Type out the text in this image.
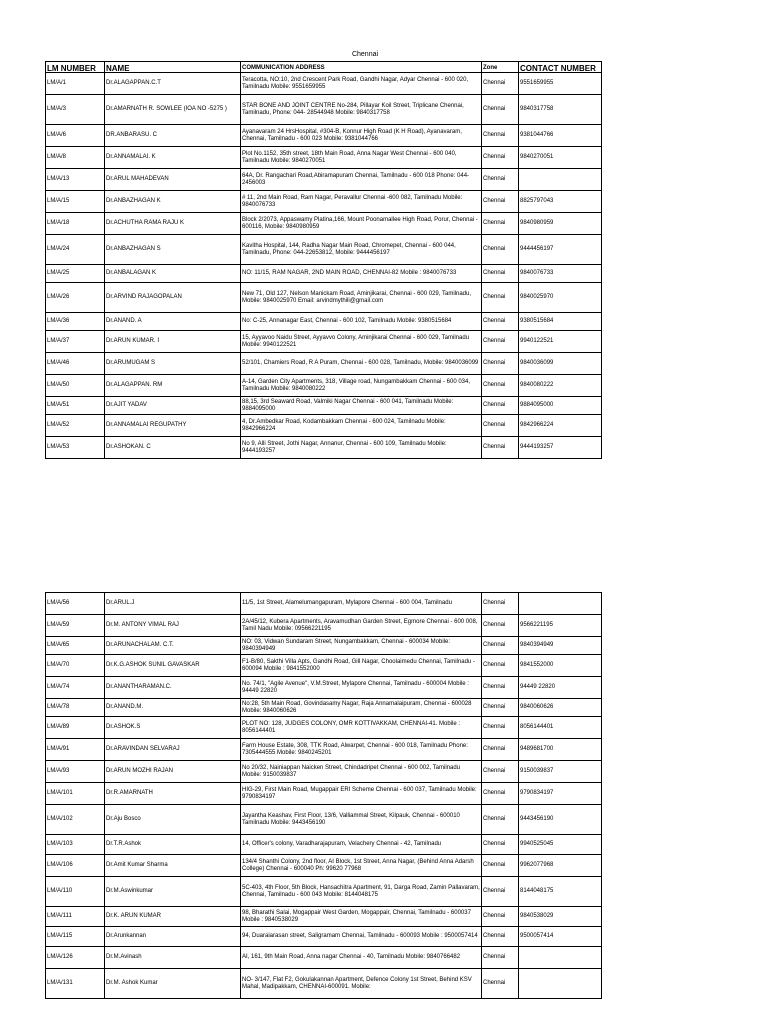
Chennai
LM NUMBER	NAME	COMMUNICATION ADDRESS	Zone	CONTACT NUMBER
LM/A/1	Dr.ALAGAPPAN.C.T	Teracotta, NO:10, 2nd Crescent Park Road, Gandhi Nagar, Adyar Chennai - 600 020, Tamilnadu Mobile: 9551659955	Chennai	9551659955
LM/A/3	Dr.AMARNATH R. SOWLEE (IOA NO -5275 )	STAR BONE AND JOINT CENTRE No-284, Pillayar Koil Street, Triplicane Chennai, Tamilnadu, Phone: 044- 28544948 Mobile: 9840317758	Chennai	9840317758
LM/A/6	DR.ANBARASU. C	Ayanavaram 24 HrsHospital, #304-B, Konnur High Road (K H Road), Ayanavaram, Chennai, Tamilnadu - 600 023 Mobile: 9381044766	Chennai	9381044766
LM/A/8	Dr.ANNAMALAI. K	Plot No.1152, 35th street, 18th Main Road, Anna Nagar West Chennai - 600 040, Tamilnadu Mobile: 9840270051	Chennai	9840270051
LM/A/13	Dr.ARUL MAHADEVAN	64A, Dr. Rangachari Road,Abiramapuram Chennai, Tamilnadu - 600 018 Phone: 044- 2456003	Chennai	
LM/A/15	Dr.ANBAZHAGAN K	# 11, 2nd Main Road, Ram Nagar, Peravallur Chennai -600 082, Tamilnadu Mobile: 9840076733	Chennai	8825797043
LM/A/18	Dr.ACHUTHA RAMA RAJU K	Block 2/2073, Appaswamy Platina,166, Mount Poonamallee High Road, Porur, Chennai - 600116, Mobile: 9840980959	Chennai	9840980959
LM/A/24	Dr.ANBAZHAGAN S	Kavitha Hospital, 144, Radha Nagar Main Road, Chromepet, Chennai - 600 044, Tamilnadu, Phone: 044-22653812, Mobile: 9444456197	Chennai	9444456197
LM/A/25	Dr.ANBALAGAN K	NO: 11/15, RAM NAGAR, 2ND MAIN ROAD, CHENNAI-82 Mobile : 9840076733	Chennai	9840076733
LM/A/26	Dr.ARVIND RAJAGOPALAN	New 71, Old 127, Nelson Manickam Road, Aminjikarai, Chennai - 600 029, Tamilnadu, Mobile: 9840025970 Email: arvindmythili@gmail.com	Chennai	9840025970
LM/A/36	Dr.ANAND. A	No: C-25, Annanagar East, Chennai - 600 102, Tamilnadu Mobile: 9380515684	Chennai	9380515684
LM/A/37	Dr.ARUN KUMAR. I	15, Ayyavoo Naidu Street, Ayyavvo Colony, Aminjikarai Chennai - 600 029, Tamilnadu Mobile: 9940122521	Chennai	9940122521
LM/A/46	Dr.ARUMUGAM S	52/101, Chamiers Road, R A Puram, Chennai - 600 028, Tamilnadu, Mobile: 9840036099	Chennai	9840036099
LM/A/50	Dr.ALAGAPPAN. RM	A-14, Garden City Apartments, 318, Village road, Nungambakkam Chennai - 600 034, Tamilnadu Mobile: 9840080222	Chennai	9840080222
LM/A/51	Dr.AJIT YADAV	88,15, 3rd Seaward Road, Valmiki Nagar Chennai - 600 041, Tamilnadu Mobile: 9884095000	Chennai	9884095000
LM/A/52	Dr.ANNAMALAI REGUPATHY	4, Dr.Ambedkar Road, Kodambakkam Chennai - 600 024, Tamilnadu Mobile: 9842966224	Chennai	9842966224
LM/A/53	Dr.ASHOKAN. C	No 9, Alli Street, Jothi Nagar, Annanur, Chennai - 600 109, Tamilnadu Mobile: 9444193257	Chennai	9444193257
LM/A/56	Dr.ARUL.J	11/5, 1st Street, Alamelumangapuram, Mylapore Chennai - 600 004, Tamilnadu	Chennai	
LM/A/59	Dr.M. ANTONY VIMAL RAJ	2A/45/12, Kubera Apartments, Aravamudhan Garden Street, Egmore Chennai - 600 008, Tamil Nadu Mobile: 09566221195	Chennai	9566221195
LM/A/65	Dr.ARUNACHALAM. C.T.	NO: 03, Vidwan Sundaram Street, Nungambakkam, Chennai - 600034 Mobile: 9840394949	Chennai	9840394949
LM/A/70	Dr.K.G.ASHOK SUNIL GAVASKAR	F1-B/80, Sakthi Villa Apts, Gandhi Road, Gill Nagar, Choolaimedu Chennai, Tamilnadu - 600094 Mobile : 9841552000	Chennai	9841552000
LM/A/74	Dr.ANANTHARAMAN.C.	No. 74/1, "Agile Avenue", V.M.Street, Mylapore Chennai, Tamilnadu - 600004 Mobile : 94449 22820	Chennai	94449 22820
LM/A/78	Dr.ANAND.M.	No:28, 5th Main Road, Govindasamy Nagar, Raja Annamalaipuram, Chennai - 600028 Mobile: 9840060626	Chennai	9840060626
LM/A/89	Dr.ASHOK.S	PLOT NO: 128, JUDGES COLONY, OMR KOTTIVAKKAM, CHENNAI-41. Mobile : 8056144401	Chennai	8056144401
LM/A/91	Dr.ARAVINDAN SELVARAJ	Farm House Estate, 308, TTK Road, Alwarpet, Chennai - 600 018, Tamilnadu Phone: 7305444555 Mobile: 9840245201	Chennai	9489681700
LM/A/93	Dr.ARUN MOZHI RAJAN	No 20/32, Nainiappan Naicken Street, Chindadripet Chennai - 600 002, Tamilnadu Mobile: 9150039837	Chennai	9150039837
LM/A/101	Dr.R.AMARNATH	HIG-29, First Main Road, Mugappair ERI Scheme Chennai - 600 037, Tamilnadu Mobile: 9790834197	Chennai	9790834197
LM/A/102	Dr.Aju Bosco	Jayantha Keashav, First Floor, 13/6, Valliammal Street, Kilpauk, Chennai - 600010 Tamilnadu Mobile: 9443456190	Chennai	9443456190
LM/A/103	Dr.T.R.Ashok	14, Officer's colony, Varadharajapuram, Velachery Chennai - 42, Tamilnadu	Chennai	9940525045
LM/A/106	Dr.Amit Kumar Sharma	134/4 Shanthi Colony, 2nd floor, AI Block, 1st Street, Anna Nagar, (Behind Anna Adarsh College) Chennai - 600040 Ph: 99620 77968	Chennai	9962077968
LM/A/110	Dr.M.Aswinkumar	5C-403, 4th Floor, 5th Block, Hansachitra Apartment, 91, Darga Road, Zamin Pallavaram, Chennai, Tamilnadu - 600 043 Mobile: 8144048175	Chennai	8144048175
LM/A/111	Dr.K. ARUN KUMAR	98, Bharathi Salai, Mogappair West Garden, Mogappair, Chennai, Tamilnadu - 600037 Mobile : 9840538029	Chennai	9840538029
LM/A/115	Dr.Arunkannan	94, Duaraiarasan street, Saligramam Chennai, Tamilnadu - 600093 Mobile : 9500057414	Chennai	9500057414
LM/A/126	Dr.M.Avinash	AI, 161, 9th Main Road, Anna nagar Chennai - 40, Tamilnadu Mobile: 9840766482	Chennai	
LM/A/131	Dr.M. Ashok Kumar	NO- 3/147, Flat F2, Gokulakannan Apartment, Defence Colony 1st Street, Behind KSV Mahal, Madipakkam, CHENNAI-600091. Mobile:	Chennai	
